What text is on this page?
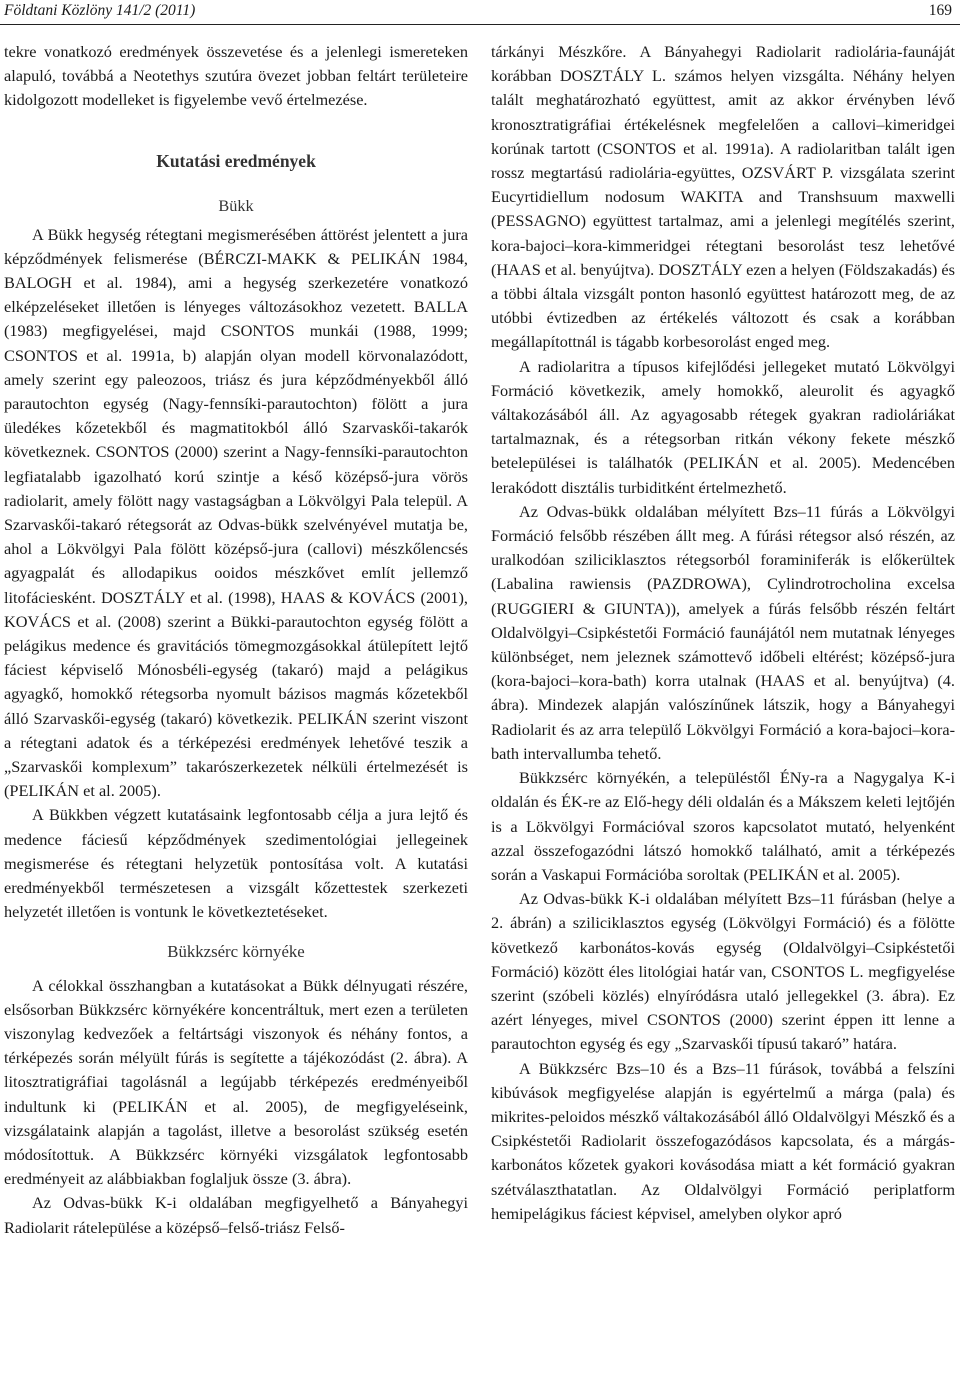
Földtani Közlöny 141/2 (2011)	169

tekre vonatkozó eredmények összevetése és a jelenlegi ismereteken alapuló, továbbá a Neotethys szutúra övezet jobban feltárt területeire kidolgozott modelleket is figyelembe vevő értelmezése.

Kutatási eredmények
Bükk

A Bükk hegység rétegtani megismerésében áttörést jelentett a jura képződmények felismerése (BÉRCZI-MAKK & PELIKÁN 1984, BALOGH et al. 1984), ami a hegység szerkezetére vonatkozó elképzeléseket illetően is lényeges változásokhoz vezetett. BALLA (1983) megfigyelései, majd CSONTOS munkái (1988, 1999; CSONTOS et al. 1991a, b) alapján olyan modell körvonalazódott, amely szerint egy paleozoos, triász és jura képződményekből álló parautochton egység (Nagy-fennsíki-parautochton) fölött a jura üledékes kőzetekből és magmatitokból álló Szarvaskői-takarók következnek. CSONTOS (2000) szerint a Nagy-fennsíki-parautochton legfiatalabb igazolható korú szintje a késő középső-jura vörös radiolarit, amely fölött nagy vastagságban a Lökvölgyi Pala települ. A Szarvaskői-takaró rétegsorát az Odvas-bükk szelvényével mutatja be, ahol a Lökvölgyi Pala fölött középső-jura (callovi) mészkőlencsés agyagpalát és allodapikus ooidos mészkővet említ jellemző litofáciesként. DOSZTÁLY et al. (1998), HAAS & KOVÁCS (2001), KOVÁCS et al. (2008) szerint a Bükki-parautochton egység fölött a pelágikus medence és gravitációs tömegmozgásokkal átülepített lejtő fáciest képviselő Mónosbéli-egység (takaró) majd a pelágikus agyagkő, homokkő rétegsorba nyomult bázisos magmás kőzetekből álló Szarvaskői-egység (takaró) következik. PELIKÁN szerint viszont a rétegtani adatok és a térképezési eredmények lehetővé teszik a „Szarvaskői komplexum” takarószerkezetek nélküli értelmezését is (PELIKÁN et al. 2005).

A Bükkben végzett kutatásaink legfontosabb célja a jura lejtő és medence fáciesű képződmények szedimentológiai jellegeinek megismerése és rétegtani helyzetük pontosítása volt. A kutatási eredményekből természetesen a vizsgált kőzettestek szerkezeti helyzetét illetően is vontunk le következtetéseket.

Bükkzsérc környéke

A célokkal összhangban a kutatásokat a Bükk délnyugati részére, elsősorban Bükkzsérc környékére koncentráltuk, mert ezen a területen viszonylag kedvezőek a feltártsági viszonyok és néhány fontos, a térképezés során mélyült fúrás is segítette a tájékozódást (2. ábra). A litosztratigráfiai tagolásnál a legújabb térképezés eredményeiből indultunk ki (PELIKÁN et al. 2005), de megfigyeléseink, vizsgálataink alapján a tagolást, illetve a besorolást szükség esetén módosítottuk. A Bükkzsérc környéki vizsgálatok legfontosabb eredményeit az alábbiakban foglaljuk össze (3. ábra).

Az Odvas-bükk K-i oldalában megfigyelhető a Bányahegyi Radiolarit rátelepülése a középső–felső-triász Felső-

tárkányi Mészkőre. A Bányahegyi Radiolarit radiolária-faunáját korábban DOSZTÁLY L. számos helyen vizsgálta. Néhány helyen talált meghatározható együttest, amit az akkor érvényben lévő kronosztratigráfiai értékelésnek megfelelően a callovi–kimeridgei korúnak tartott (CSONTOS et al. 1991a). A radiolaritban talált igen rossz megtartású radiolária-együttes, OZSVÁRT P. vizsgálata szerint Eucyrtidiellum nodosum WAKITA and Transhsuum maxwelli (PESSAGNO) együttest tartalmaz, ami a jelenlegi megítélés szerint, kora-bajoci–kora-kimmeridgei rétegtani besorolást tesz lehetővé (HAAS et al. benyújtva). DOSZTÁLY ezen a helyen (Földszakadás) és a többi általa vizsgált ponton hasonló együttest határozott meg, de az utóbbi évtizedben az értékelés változott és csak a korábban megállapítottnál is tágabb korbesorolást enged meg.

A radiolaritra a típusos kifejlődési jellegeket mutató Lökvölgyi Formáció következik, amely homokkő, aleurolit és agyagkő váltakozásából áll. Az agyagosabb rétegek gyakran radioláriákat tartalmaznak, és a rétegsorban ritkán vékony fekete mészkő betelepülései is találhatók (PELIKÁN et al. 2005). Medencében lerakódott disztális turbiditként értelmezhető.

Az Odvas-bükk oldalában mélyített Bzs–11 fúrás a Lökvölgyi Formáció felsőbb részében állt meg. A fúrási rétegsor alsó részén, az uralkodóan sziliciklasztos rétegsorból foraminiferák is előkerültek (Labalina rawiensis (PAZDROWA), Cylindrotrocholina excelsa (RUGGIERI & GIUNTA)), amelyek a fúrás felsőbb részén feltárt Oldalvölgyi–Csipkéstetői Formáció faunájától nem mutatnak lényeges különbséget, nem jeleznek számottevő időbeli eltérést; középső-jura (kora-bajoci–kora-bath) korra utalnak (HAAS et al. benyújtva) (4. ábra). Mindezek alapján valószínűnek látszik, hogy a Bányahegyi Radiolarit és az arra települő Lökvölgyi Formáció a kora-bajoci–kora-bath intervallumba tehető.

Bükkzsérc környékén, a településtől ÉNy-ra a Nagygalya K-i oldalán és ÉK-re az Elő-hegy déli oldalán és a Mákszem keleti lejtőjén is a Lökvölgyi Formációval szoros kapcsolatot mutató, helyenként azzal összefogazódni látszó homokkő található, amit a térképezés során a Vaskapui Formációba soroltak (PELIKÁN et al. 2005).

Az Odvas-bükk K-i oldalában mélyített Bzs–11 fúrásban (helye a 2. ábrán) a sziliciklasztos egység (Lökvölgyi Formáció) és a fölötte következő karbonátos-kovás egység (Oldalvölgyi–Csipkéstetői Formáció) között éles litológiai határ van, CSONTOS L. megfigyelése szerint (szóbeli közlés) elnyíródásra utaló jellegekkel (3. ábra). Ez azért lényeges, mivel CSONTOS (2000) szerint éppen itt lenne a parautochton egység és egy „Szarvaskői típusú takaró” határa.

A Bükkzsérc Bzs–10 és a Bzs–11 fúrások, továbbá a felszíni kibúvások megfigyelése alapján is egyértelmű a márga (pala) és mikrites-peloidos mészkő váltakozásából álló Oldalvölgyi Mészkő és a Csipkéstetői Radiolarit összefogazódásos kapcsolata, és a márgás-karbonátos kőzetek gyakori kovásodása miatt a két formáció gyakran szétválaszthatatlan. Az Oldalvölgyi Formáció periplatform hemipelágikus fáciest képvisel, amelyben olykor apró
